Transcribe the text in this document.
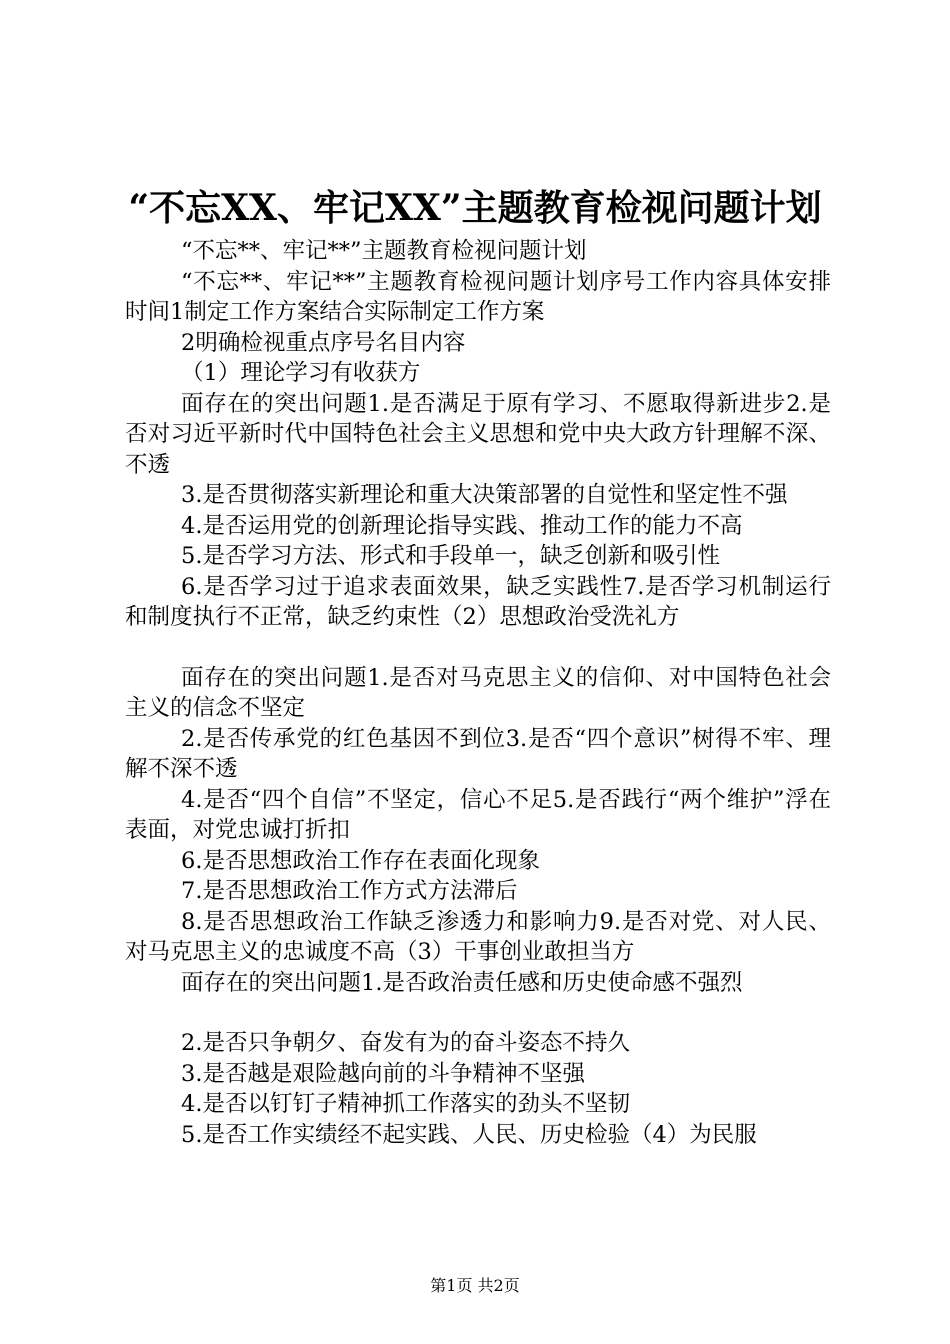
“不忘XX、牢记XX”主题教育检视问题计划

“不忘**、牢记**”主题教育检视问题计划

“不忘**、牢记**”主题教育检视问题计划序号工作内容具体安排时间1制定工作方案结合实际制定工作方案

2明确检视重点序号名目内容

（1）理论学习有收获方

面存在的突出问题1.是否满足于原有学习、不愿取得新进步2.是否对习近平新时代中国特色社会主义思想和党中央大政方针理解不深、不透

3.是否贯彻落实新理论和重大决策部署的自觉性和坚定性不强

4.是否运用党的创新理论指导实践、推动工作的能力不高

5.是否学习方法、形式和手段单一，缺乏创新和吸引性

6.是否学习过于追求表面效果，缺乏实践性7.是否学习机制运行和制度执行不正常，缺乏约束性（2）思想政治受洗礼方

面存在的突出问题1.是否对马克思主义的信仰、对中国特色社会主义的信念不坚定

2.是否传承党的红色基因不到位3.是否“四个意识”树得不牢、理解不深不透

4.是否“四个自信”不坚定，信心不足5.是否践行“两个维护”浮在表面，对党忠诚打折扣

6.是否思想政治工作存在表面化现象

7.是否思想政治工作方式方法滞后

8.是否思想政治工作缺乏渗透力和影响力9.是否对党、对人民、对马克思主义的忠诚度不高（3）干事创业敢担当方

面存在的突出问题1.是否政治责任感和历史使命感不强烈

2.是否只争朝夕、奋发有为的奋斗姿态不持久

3.是否越是艰险越向前的斗争精神不坚强

4.是否以钉钉子精神抓工作落实的劲头不坚韧

5.是否工作实绩经不起实践、人民、历史检验（4）为民服

第1页 共2页
